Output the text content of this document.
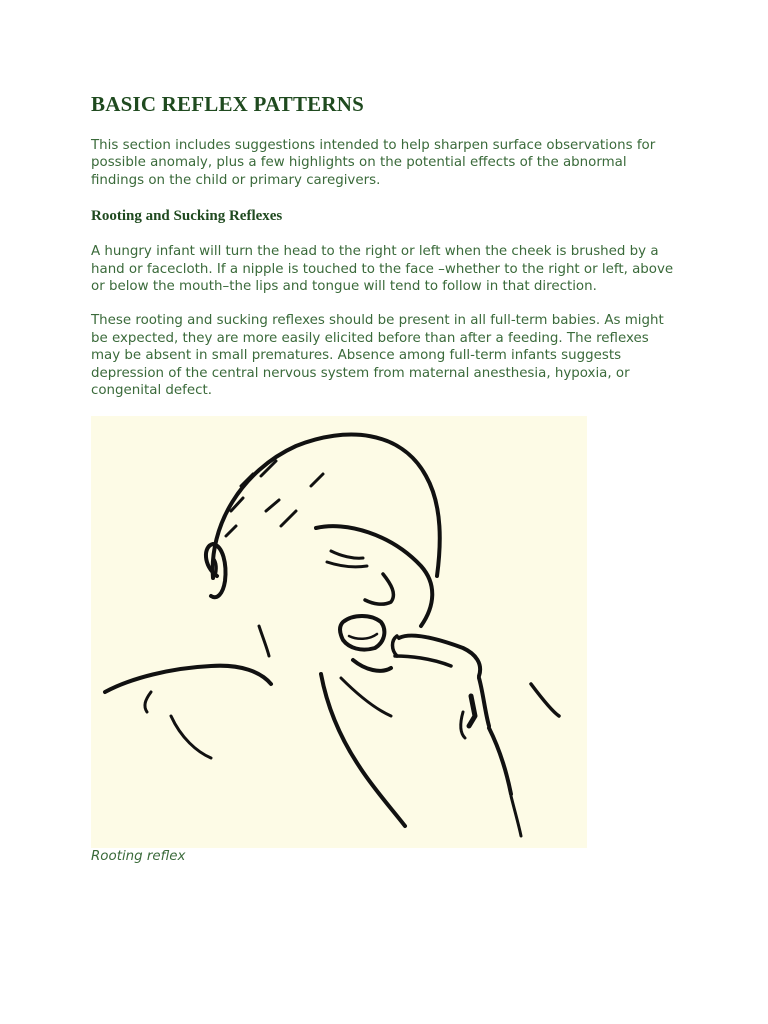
BASIC REFLEX PATTERNS

This section includes suggestions intended to help sharpen surface observations for possible anomaly, plus a few highlights on the potential effects of the abnormal findings on the child or primary caregivers.

Rooting and Sucking Reflexes

A hungry infant will turn the head to the right or left when the cheek is brushed by a hand or facecloth. If a nipple is touched to the face –whether to the right or left, above or below the mouth–the lips and tongue will tend to follow in that direction.

These rooting and sucking reflexes should be present in all full-term babies. As might be expected, they are more easily elicited before than after a feeding. The reflexes may be absent in small prematures. Absence among full-term infants suggests depression of the central nervous system from maternal anesthesia, hypoxia, or congenital defect.

Rooting reflex
